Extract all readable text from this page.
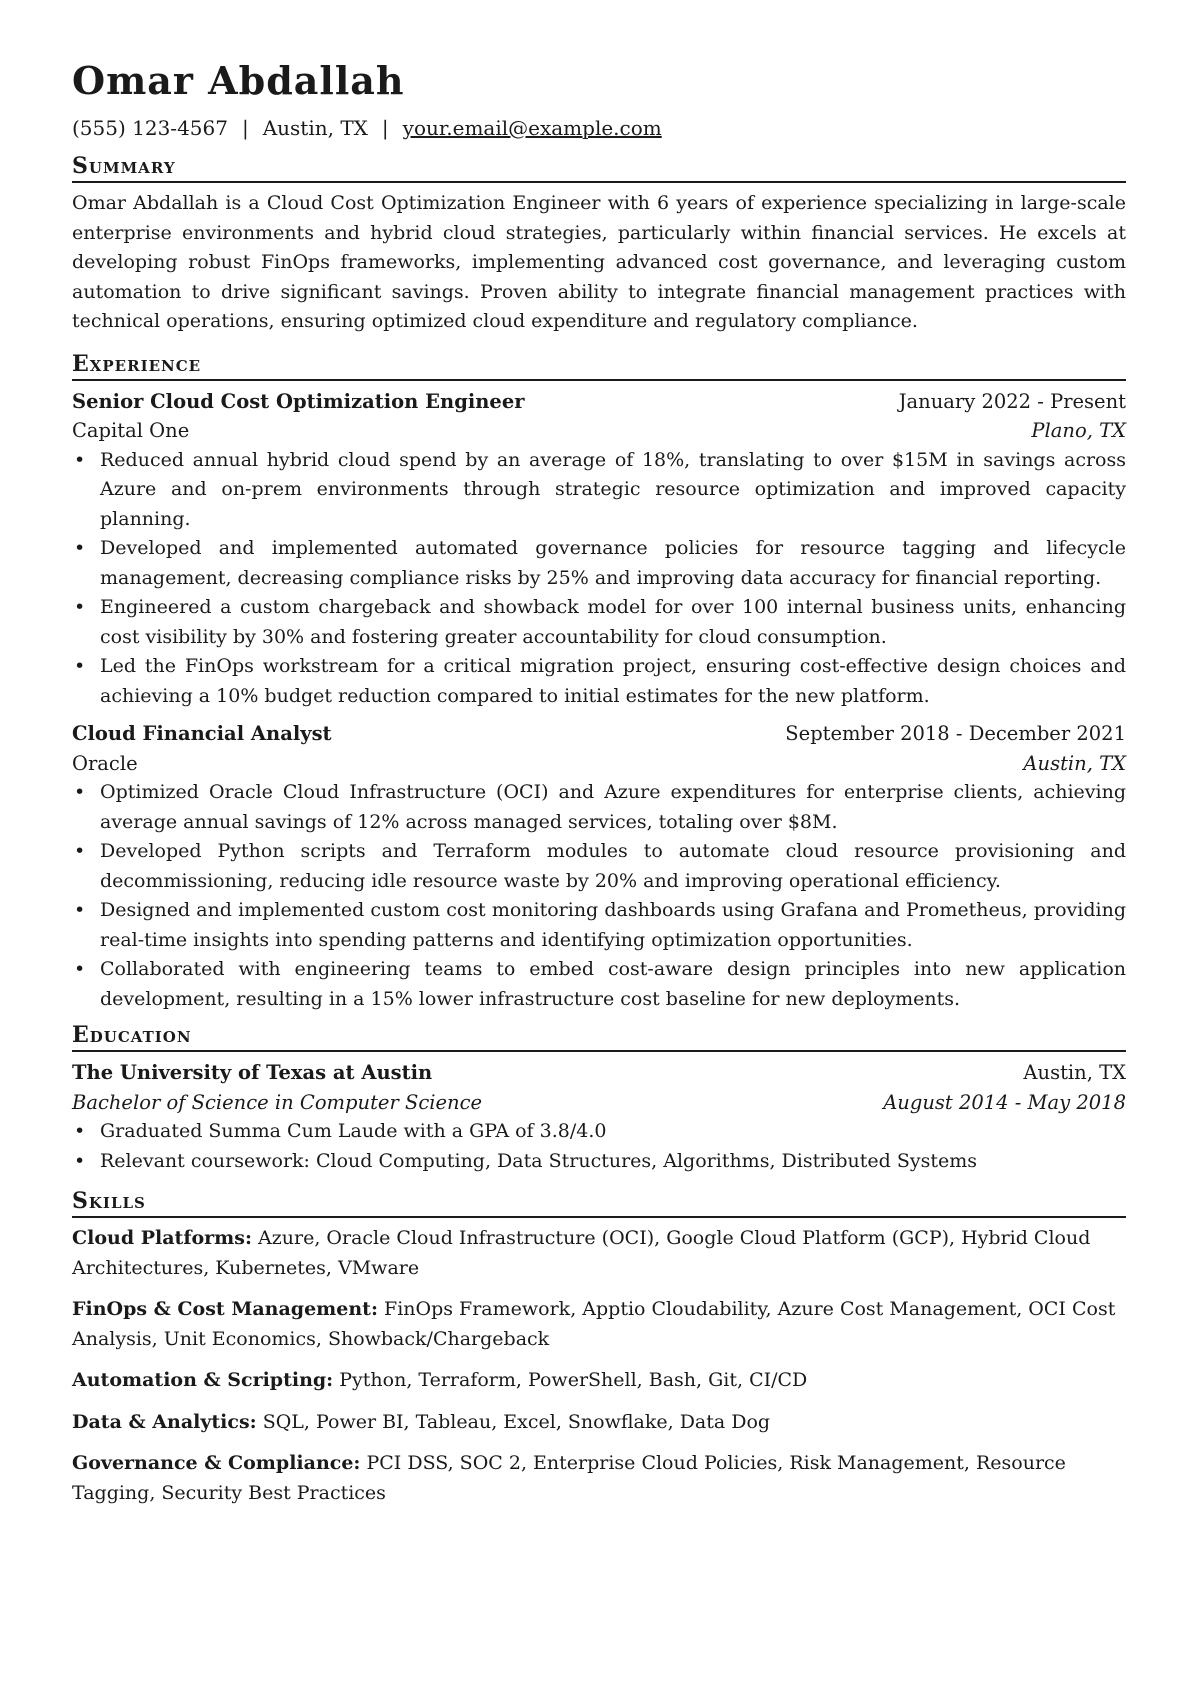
Omar Abdallah
(555) 123-4567 | Austin, TX | your.email@example.com
Summary

Omar Abdallah is a Cloud Cost Optimization Engineer with 6 years of experience specializing in large-scale enterprise environments and hybrid cloud strategies, particularly within financial services. He excels at developing robust FinOps frameworks, implementing advanced cost governance, and leveraging custom automation to drive significant savings. Proven ability to integrate financial management practices with technical operations, ensuring optimized cloud expenditure and regulatory compliance.

Experience
Senior Cloud Cost Optimization Engineer	January 2022 - Present
Capital One	Plano, TX
• Reduced annual hybrid cloud spend by an average of 18%, translating to over $15M in savings across Azure and on-prem environments through strategic resource optimization and improved capacity planning.
• Developed and implemented automated governance policies for resource tagging and lifecycle management, decreasing compliance risks by 25% and improving data accuracy for financial reporting.
• Engineered a custom chargeback and showback model for over 100 internal business units, enhancing cost visibility by 30% and fostering greater accountability for cloud consumption.
• Led the FinOps workstream for a critical migration project, ensuring cost-effective design choices and achieving a 10% budget reduction compared to initial estimates for the new platform.
Cloud Financial Analyst	September 2018 - December 2021
Oracle	Austin, TX
• Optimized Oracle Cloud Infrastructure (OCI) and Azure expenditures for enterprise clients, achieving average annual savings of 12% across managed services, totaling over $8M.
• Developed Python scripts and Terraform modules to automate cloud resource provisioning and decommissioning, reducing idle resource waste by 20% and improving operational efficiency.
• Designed and implemented custom cost monitoring dashboards using Grafana and Prometheus, providing real-time insights into spending patterns and identifying optimization opportunities.
• Collaborated with engineering teams to embed cost-aware design principles into new application development, resulting in a 15% lower infrastructure cost baseline for new deployments.
Education
The University of Texas at Austin	Austin, TX
Bachelor of Science in Computer Science	August 2014 - May 2018
• Graduated Summa Cum Laude with a GPA of 3.8/4.0
• Relevant coursework: Cloud Computing, Data Structures, Algorithms, Distributed Systems
Skills
Cloud Platforms: Azure, Oracle Cloud Infrastructure (OCI), Google Cloud Platform (GCP), Hybrid Cloud Architectures, Kubernetes, VMware
FinOps & Cost Management: FinOps Framework, Apptio Cloudability, Azure Cost Management, OCI Cost Analysis, Unit Economics, Showback/Chargeback
Automation & Scripting: Python, Terraform, PowerShell, Bash, Git, CI/CD
Data & Analytics: SQL, Power BI, Tableau, Excel, Snowflake, Data Dog
Governance & Compliance: PCI DSS, SOC 2, Enterprise Cloud Policies, Risk Management, Resource Tagging, Security Best Practices
